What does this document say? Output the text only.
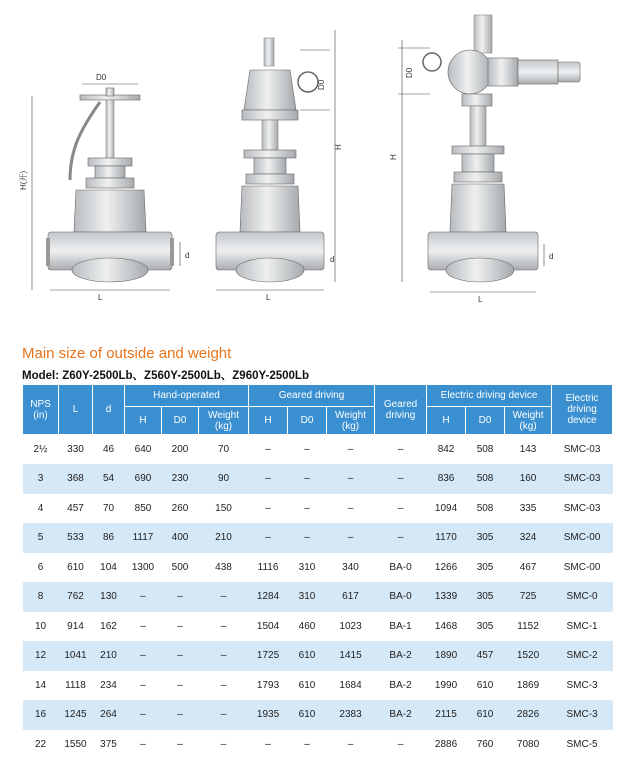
D0
H(开)
L
d
D0
H
L
d
D0
H
L
d
Main size of outside and weight
Model: Z60Y-2500Lb、Z560Y-2500Lb、Z960Y-2500Lb
NPS (in)	L	d	Hand-operated			Geared driving			Geared driving	Electric driving device			Electric driving device
			H	D0	Weight (kg)	H	D0	Weight (kg)		H	D0	Weight (kg)	
2½	330	46	640	200	70	–	–	–	–	842	508	143	SMC-03
3	368	54	690	230	90	–	–	–	–	836	508	160	SMC-03
4	457	70	850	260	150	–	–	–	–	1094	508	335	SMC-03
5	533	86	1117	400	210	–	–	–	–	1170	305	324	SMC-00
6	610	104	1300	500	438	1116	310	340	BA-0	1266	305	467	SMC-00
8	762	130	–	–	–	1284	310	617	BA-0	1339	305	725	SMC-0
10	914	162	–	–	–	1504	460	1023	BA-1	1468	305	1152	SMC-1
12	1041	210	–	–	–	1725	610	1415	BA-2	1890	457	1520	SMC-2
14	1118	234	–	–	–	1793	610	1684	BA-2	1990	610	1869	SMC-3
16	1245	264	–	–	–	1935	610	2383	BA-2	2115	610	2826	SMC-3
22	1550	375	–	–	–	–	–	–	–	2886	760	7080	SMC-5
